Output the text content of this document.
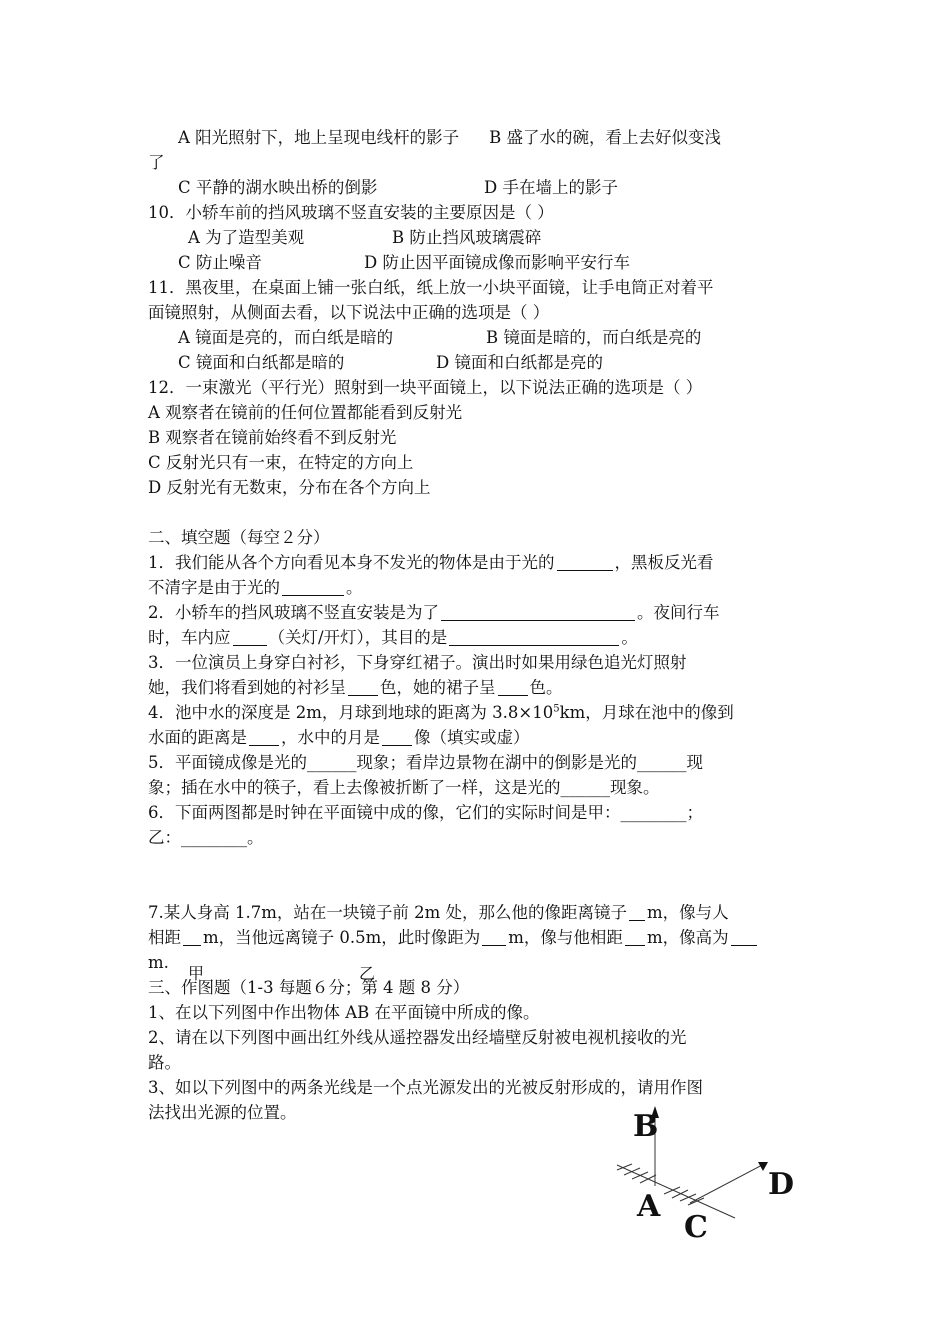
A 阳光照射下，地上呈现电线杆的影子 B 盛了水的碗，看上去好似变浅
了
C 平静的湖水映出桥的倒影	D 手在墙上的影子
10．小轿车前的挡风玻璃不竖直安装的主要原因是（ ）
A 为了造型美观	B 防止挡风玻璃震碎
C 防止噪音	D 防止因平面镜成像而影响平安行车
11．黑夜里，在桌面上铺一张白纸，纸上放一小块平面镜，让手电筒正对着平
面镜照射，从侧面去看，以下说法中正确的选项是（ ）
A 镜面是亮的，而白纸是暗的	B 镜面是暗的，而白纸是亮的
C 镜面和白纸都是暗的	D 镜面和白纸都是亮的
12．一束激光（平行光）照射到一块平面镜上，以下说法正确的选项是（ ）
A 观察者在镜前的任何位置都能看到反射光
B 观察者在镜前始终看不到反射光
C 反射光只有一束，在特定的方向上
D 反射光有无数束，分布在各个方向上
二、填空题（每空２分）
1．我们能从各个方向看见本身不发光的物体是由于光的	，黑板反光看
不清字是由于光的	。
2．小轿车的挡风玻璃不竖直安装是为了	。夜间行车
时，车内应 （关灯/开灯），其目的是	。
3．一位演员上身穿白衬衫，下身穿红裙子。演出时如果用绿色追光灯照射
她，我们将看到她的衬衫呈 色，她的裙子呈 色。
4．池中水的深度是 2m，月球到地球的距离为 $3.8\times 10^5km$，月球在池中的像到
水面的距离是 ，水中的月是 像（填实或虚）
5．平面镜成像是光的______现象；看岸边景物在湖中的倒影是光的______现
象；插在水中的筷子，看上去像被折断了一样，这是光的______现象。
6．下面两图都是时钟在平面镜中成的像，它们的实际时间是甲：________；
乙：________。
7.某人身高 1.7m，站在一块镜子前 2m 处，那么他的像距离镜子 m，像与人
相距 m，当他远离镜子 0.5m，此时像距为 m，像与他相距 m，像高为
m.
甲	乙
三、作图题（1-3 每题６分；第 4 题 8 分）
1、在以下列图中作出物体 AB 在平面镜中所成的像。
2、请在以下列图中画出红外线从遥控器发出经墙壁反射被电视机接收的光
路。
3、如以下列图中的两条光线是一个点光源发出的光被反射形成的，请用作图
法找出光源的位置。	B
A
C
D
